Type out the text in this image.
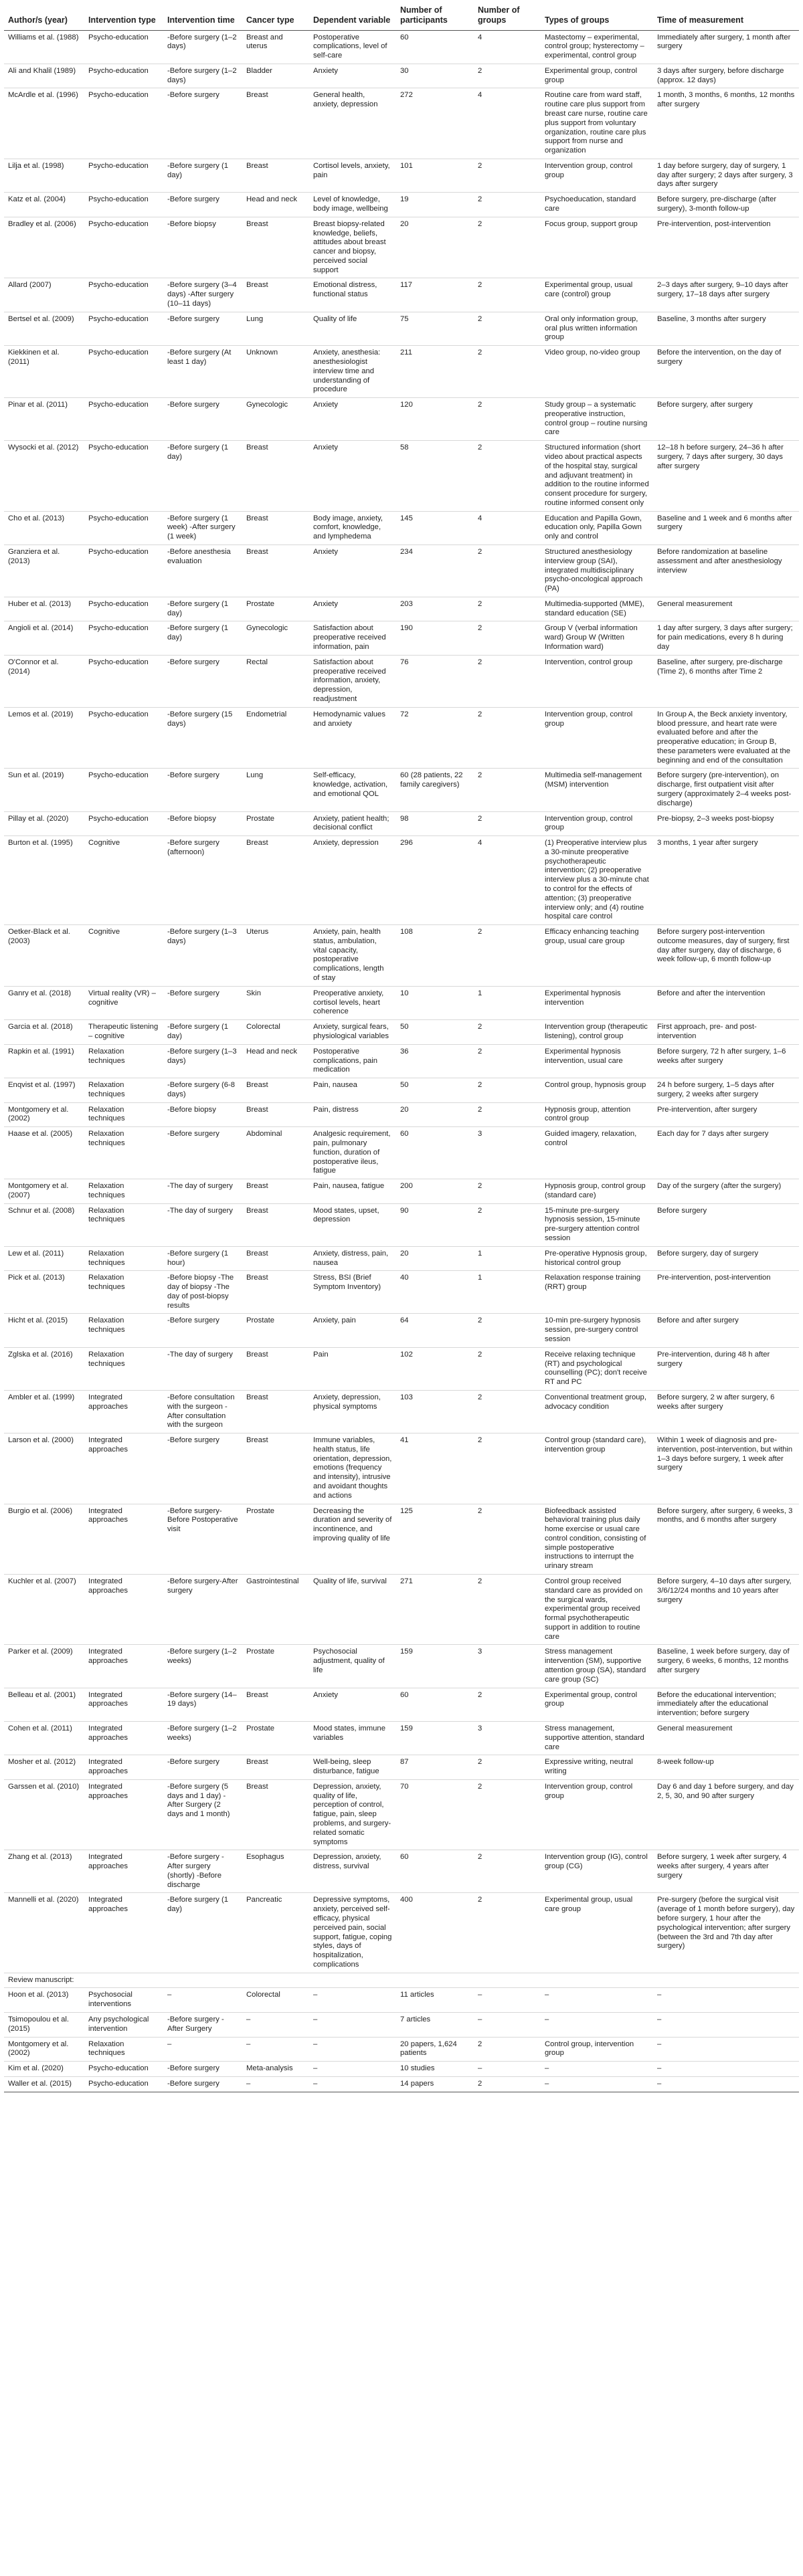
Author/s (year)	Intervention type	Intervention time	Cancer type	Dependent variable	Number of participants	Number of groups	Types of groups	Time of measurement
Williams et al. (1988)	Psycho-education	-Before surgery (1–2 days)	Breast and uterus	Postoperative complications, level of self-care	60	4	Mastectomy – experimental, control group; hysterectomy –experimental, control group	Immediately after surgery, 1 month after surgery
Ali and Khalil (1989)	Psycho-education	-Before surgery (1–2 days)	Bladder	Anxiety	30	2	Experimental group, control group	3 days after surgery, before discharge (approx. 12 days)
McArdle et al. (1996)	Psycho-education	-Before surgery	Breast	General health, anxiety, depression	272	4	Routine care from ward staff, routine care plus support from breast care nurse, routine care plus support from voluntary organization, routine care plus support from nurse and organization	1 month, 3 months, 6 months, 12 months after surgery
Lilja et al. (1998)	Psycho-education	-Before surgery (1 day)	Breast	Cortisol levels, anxiety, pain	101	2	Intervention group, control group	1 day before surgery, day of surgery, 1 day after surgery; 2 days after surgery, 3 days after surgery
Katz et al. (2004)	Psycho-education	-Before surgery	Head and neck	Level of knowledge, body image, wellbeing	19	2	Psychoeducation, standard care	Before surgery, pre-discharge (after surgery), 3-month follow-up
Bradley et al. (2006)	Psycho-education	-Before biopsy	Breast	Breast biopsy-related knowledge, beliefs, attitudes about breast cancer and biopsy, perceived social support	20	2	Focus group, support group	Pre-intervention, post-intervention
Allard (2007)	Psycho-education	-Before surgery (3–4 days) -After surgery (10–11 days)	Breast	Emotional distress, functional status	117	2	Experimental group, usual care (control) group	2–3 days after surgery, 9–10 days after surgery, 17–18 days after surgery
Bertsel et al. (2009)	Psycho-education	-Before surgery	Lung	Quality of life	75	2	Oral only information group, oral plus written information group	Baseline, 3 months after surgery
Kiekkinen et al. (2011)	Psycho-education	-Before surgery (At least 1 day)	Unknown	Anxiety, anesthesia: anesthesiologist interview time and understanding of procedure	211	2	Video group, no-video group	Before the intervention, on the day of surgery
Pinar et al. (2011)	Psycho-education	-Before surgery	Gynecologic	Anxiety	120	2	Study group – a systematic preoperative instruction, control group – routine nursing care	Before surgery, after surgery
Wysocki et al. (2012)	Psycho-education	-Before surgery (1 day)	Breast	Anxiety	58	2	Structured information (short video about practical aspects of the hospital stay, surgical and adjuvant treatment) in addition to the routine informed consent procedure for surgery, routine informed consent only	12–18 h before surgery, 24–36 h after surgery, 7 days after surgery, 30 days after surgery
Cho et al. (2013)	Psycho-education	-Before surgery (1 week) -After surgery (1 week)	Breast	Body image, anxiety, comfort, knowledge, and lymphedema	145	4	Education and Papilla Gown, education only, Papilla Gown only and control	Baseline and 1 week and 6 months after surgery
Granziera et al. (2013)	Psycho-education	-Before anesthesia evaluation	Breast	Anxiety	234	2	Structured anesthesiology interview group (SAI), integrated multidisciplinary psycho-oncological approach (PA)	Before randomization at baseline assessment and after anesthesiology interview
Huber et al. (2013)	Psycho-education	-Before surgery (1 day)	Prostate	Anxiety	203	2	Multimedia-supported (MME), standard education (SE)	General measurement
Angioli et al. (2014)	Psycho-education	-Before surgery (1 day)	Gynecologic	Satisfaction about preoperative received information, pain	190	2	Group V (verbal information ward) Group W (Written Information ward)	1 day after surgery, 3 days after surgery; for pain medications, every 8 h during day
O'Connor et al. (2014)	Psycho-education	-Before surgery	Rectal	Satisfaction about preoperative received information, anxiety, depression, readjustment	76	2	Intervention, control group	Baseline, after surgery, pre-discharge (Time 2), 6 months after Time 2
Lemos et al. (2019)	Psycho-education	-Before surgery (15 days)	Endometrial	Hemodynamic values and anxiety	72	2	Intervention group, control group	In Group A, the Beck anxiety inventory, blood pressure, and heart rate were evaluated before and after the preoperative education; in Group B, these parameters were evaluated at the beginning and end of the consultation
Sun et al. (2019)	Psycho-education	-Before surgery	Lung	Self-efficacy, knowledge, activation, and emotional QOL	60 (28 patients, 22 family caregivers)	2	Multimedia self-management (MSM) intervention	Before surgery (pre-intervention), on discharge, first outpatient visit after surgery (approximately 2–4 weeks post-discharge)
Pillay et al. (2020)	Psycho-education	-Before biopsy	Prostate	Anxiety, patient health; decisional conflict	98	2	Intervention group, control group	Pre-biopsy, 2–3 weeks post-biopsy
Burton et al. (1995)	Cognitive	-Before surgery (afternoon)	Breast	Anxiety, depression	296	4	(1) Preoperative interview plus a 30-minute preoperative psychotherapeutic intervention; (2) preoperative interview plus a 30-minute chat to control for the effects of attention; (3) preoperative interview only; and (4) routine hospital care control	3 months, 1 year after surgery
Oetker-Black et al. (2003)	Cognitive	-Before surgery (1–3 days)	Uterus	Anxiety, pain, health status, ambulation, vital capacity, postoperative complications, length of stay	108	2	Efficacy enhancing teaching group, usual care group	Before surgery post-intervention outcome measures, day of surgery, first day after surgery, day of discharge, 6 week follow-up, 6 month follow-up
Ganry et al. (2018)	Virtual reality (VR) – cognitive	-Before surgery	Skin	Preoperative anxiety, cortisol levels, heart coherence	10	1	Experimental hypnosis intervention	Before and after the intervention
Garcia et al. (2018)	Therapeutic listening – cognitive	-Before surgery (1 day)	Colorectal	Anxiety, surgical fears, physiological variables	50	2	Intervention group (therapeutic listening), control group	First approach, pre- and post-intervention
Rapkin et al. (1991)	Relaxation techniques	-Before surgery (1–3 days)	Head and neck	Postoperative complications, pain medication	36	2	Experimental hypnosis intervention, usual care	Before surgery, 72 h after surgery, 1–6 weeks after surgery
Enqvist et al. (1997)	Relaxation techniques	-Before surgery (6-8 days)	Breast	Pain, nausea	50	2	Control group, hypnosis group	24 h before surgery, 1–5 days after surgery, 2 weeks after surgery
Montgomery et al. (2002)	Relaxation techniques	-Before biopsy	Breast	Pain, distress	20	2	Hypnosis group, attention control group	Pre-intervention, after surgery
Haase et al. (2005)	Relaxation techniques	-Before surgery	Abdominal	Analgesic requirement, pain, pulmonary function, duration of postoperative ileus, fatigue	60	3	Guided imagery, relaxation, control	Each day for 7 days after surgery
Montgomery et al. (2007)	Relaxation techniques	-The day of surgery	Breast	Pain, nausea, fatigue	200	2	Hypnosis group, control group (standard care)	Day of the surgery (after the surgery)
Schnur et al. (2008)	Relaxation techniques	-The day of surgery	Breast	Mood states, upset, depression	90	2	15-minute pre-surgery hypnosis session, 15-minute pre-surgery attention control session	Before surgery
Lew et al. (2011)	Relaxation techniques	-Before surgery (1 hour)	Breast	Anxiety, distress, pain, nausea	20	1	Pre-operative Hypnosis group, historical control group	Before surgery, day of surgery
Pick et al. (2013)	Relaxation techniques	-Before biopsy -The day of biopsy -The day of post-biopsy results	Breast	Stress, BSI (Brief Symptom Inventory)	40	1	Relaxation response training (RRT) group	Pre-intervention, post-intervention
Hicht et al. (2015)	Relaxation techniques	-Before surgery	Prostate	Anxiety, pain	64	2	10-min pre-surgery hypnosis session, pre-surgery control session	Before and after surgery
Zglska et al. (2016)	Relaxation techniques	-The day of surgery	Breast	Pain	102	2	Receive relaxing technique (RT) and psychological counselling (PC); don't receive RT and PC	Pre-intervention, during 48 h after surgery
Ambler et al. (1999)	Integrated approaches	-Before consultation with the surgeon -After consultation with the surgeon	Breast	Anxiety, depression, physical symptoms	103	2	Conventional treatment group, advocacy condition	Before surgery, 2 w after surgery, 6 weeks after surgery
Larson et al. (2000)	Integrated approaches	-Before surgery	Breast	Immune variables, health status, life orientation, depression, emotions (frequency and intensity), intrusive and avoidant thoughts and actions	41	2	Control group (standard care), intervention group	Within 1 week of diagnosis and pre-intervention, post-intervention, but within 1–3 days before surgery, 1 week after surgery
Burgio et al. (2006)	Integrated approaches	-Before surgery-Before Postoperative visit	Prostate	Decreasing the duration and severity of incontinence, and improving quality of life	125	2	Biofeedback assisted behavioral training plus daily home exercise or usual care control condition, consisting of simple postoperative instructions to interrupt the urinary stream	Before surgery, after surgery, 6 weeks, 3 months, and 6 months after surgery
Kuchler et al. (2007)	Integrated approaches	-Before surgery-After surgery	Gastrointestinal	Quality of life, survival	271	2	Control group received standard care as provided on the surgical wards, experimental group received formal psychotherapeutic support in addition to routine care	Before surgery, 4–10 days after surgery, 3/6/12/24 months and 10 years after surgery
Parker et al. (2009)	Integrated approaches	-Before surgery (1–2 weeks)	Prostate	Psychosocial adjustment, quality of life	159	3	Stress management intervention (SM), supportive attention group (SA), standard care group (SC)	Baseline, 1 week before surgery, day of surgery, 6 weeks, 6 months, 12 months after surgery
Belleau et al. (2001)	Integrated approaches	-Before surgery (14–19 days)	Breast	Anxiety	60	2	Experimental group, control group	Before the educational intervention; immediately after the educational intervention; before surgery
Cohen et al. (2011)	Integrated approaches	-Before surgery (1–2 weeks)	Prostate	Mood states, immune variables	159	3	Stress management, supportive attention, standard care	General measurement
Mosher et al. (2012)	Integrated approaches	-Before surgery	Breast	Well-being, sleep disturbance, fatigue	87	2	Expressive writing, neutral writing	8-week follow-up
Garssen et al. (2010)	Integrated approaches	-Before surgery (5 days and 1 day) -After Surgery (2 days and 1 month)	Breast	Depression, anxiety, quality of life, perception of control, fatigue, pain, sleep problems, and surgery-related somatic symptoms	70	2	Intervention group, control group	Day 6 and day 1 before surgery, and day 2, 5, 30, and 90 after surgery
Zhang et al. (2013)	Integrated approaches	-Before surgery -After surgery (shortly) -Before discharge	Esophagus	Depression, anxiety, distress, survival	60	2	Intervention group (IG), control group (CG)	Before surgery, 1 week after surgery, 4 weeks after surgery, 4 years after surgery
Mannelli et al. (2020)	Integrated approaches	-Before surgery (1 day)	Pancreatic	Depressive symptoms, anxiety, perceived self-efficacy, physical perceived pain, social support, fatigue, coping styles, days of hospitalization, complications	400	2	Experimental group, usual care group	Pre-surgery (before the surgical visit (average of 1 month before surgery), day before surgery, 1 hour after the psychological intervention; after surgery (between the 3rd and 7th day after surgery)
Review manuscript:								
Hoon et al. (2013)	Psychosocial interventions	–	Colorectal	–	11 articles	–	–	–
Tsimopoulou et al. (2015)	Any psychological intervention	-Before surgery -After Surgery	–	–	7 articles	–	–	–
Montgomery et al. (2002)	Relaxation techniques	–	–	–	20 papers, 1,624 patients	2	Control group, intervention group	–
Kim et al. (2020)	Psycho-education	-Before surgery	Meta-analysis	–	10 studies	–	–	–
Waller et al. (2015)	Psycho-education	-Before surgery	–	–	14 papers	2	–	–
